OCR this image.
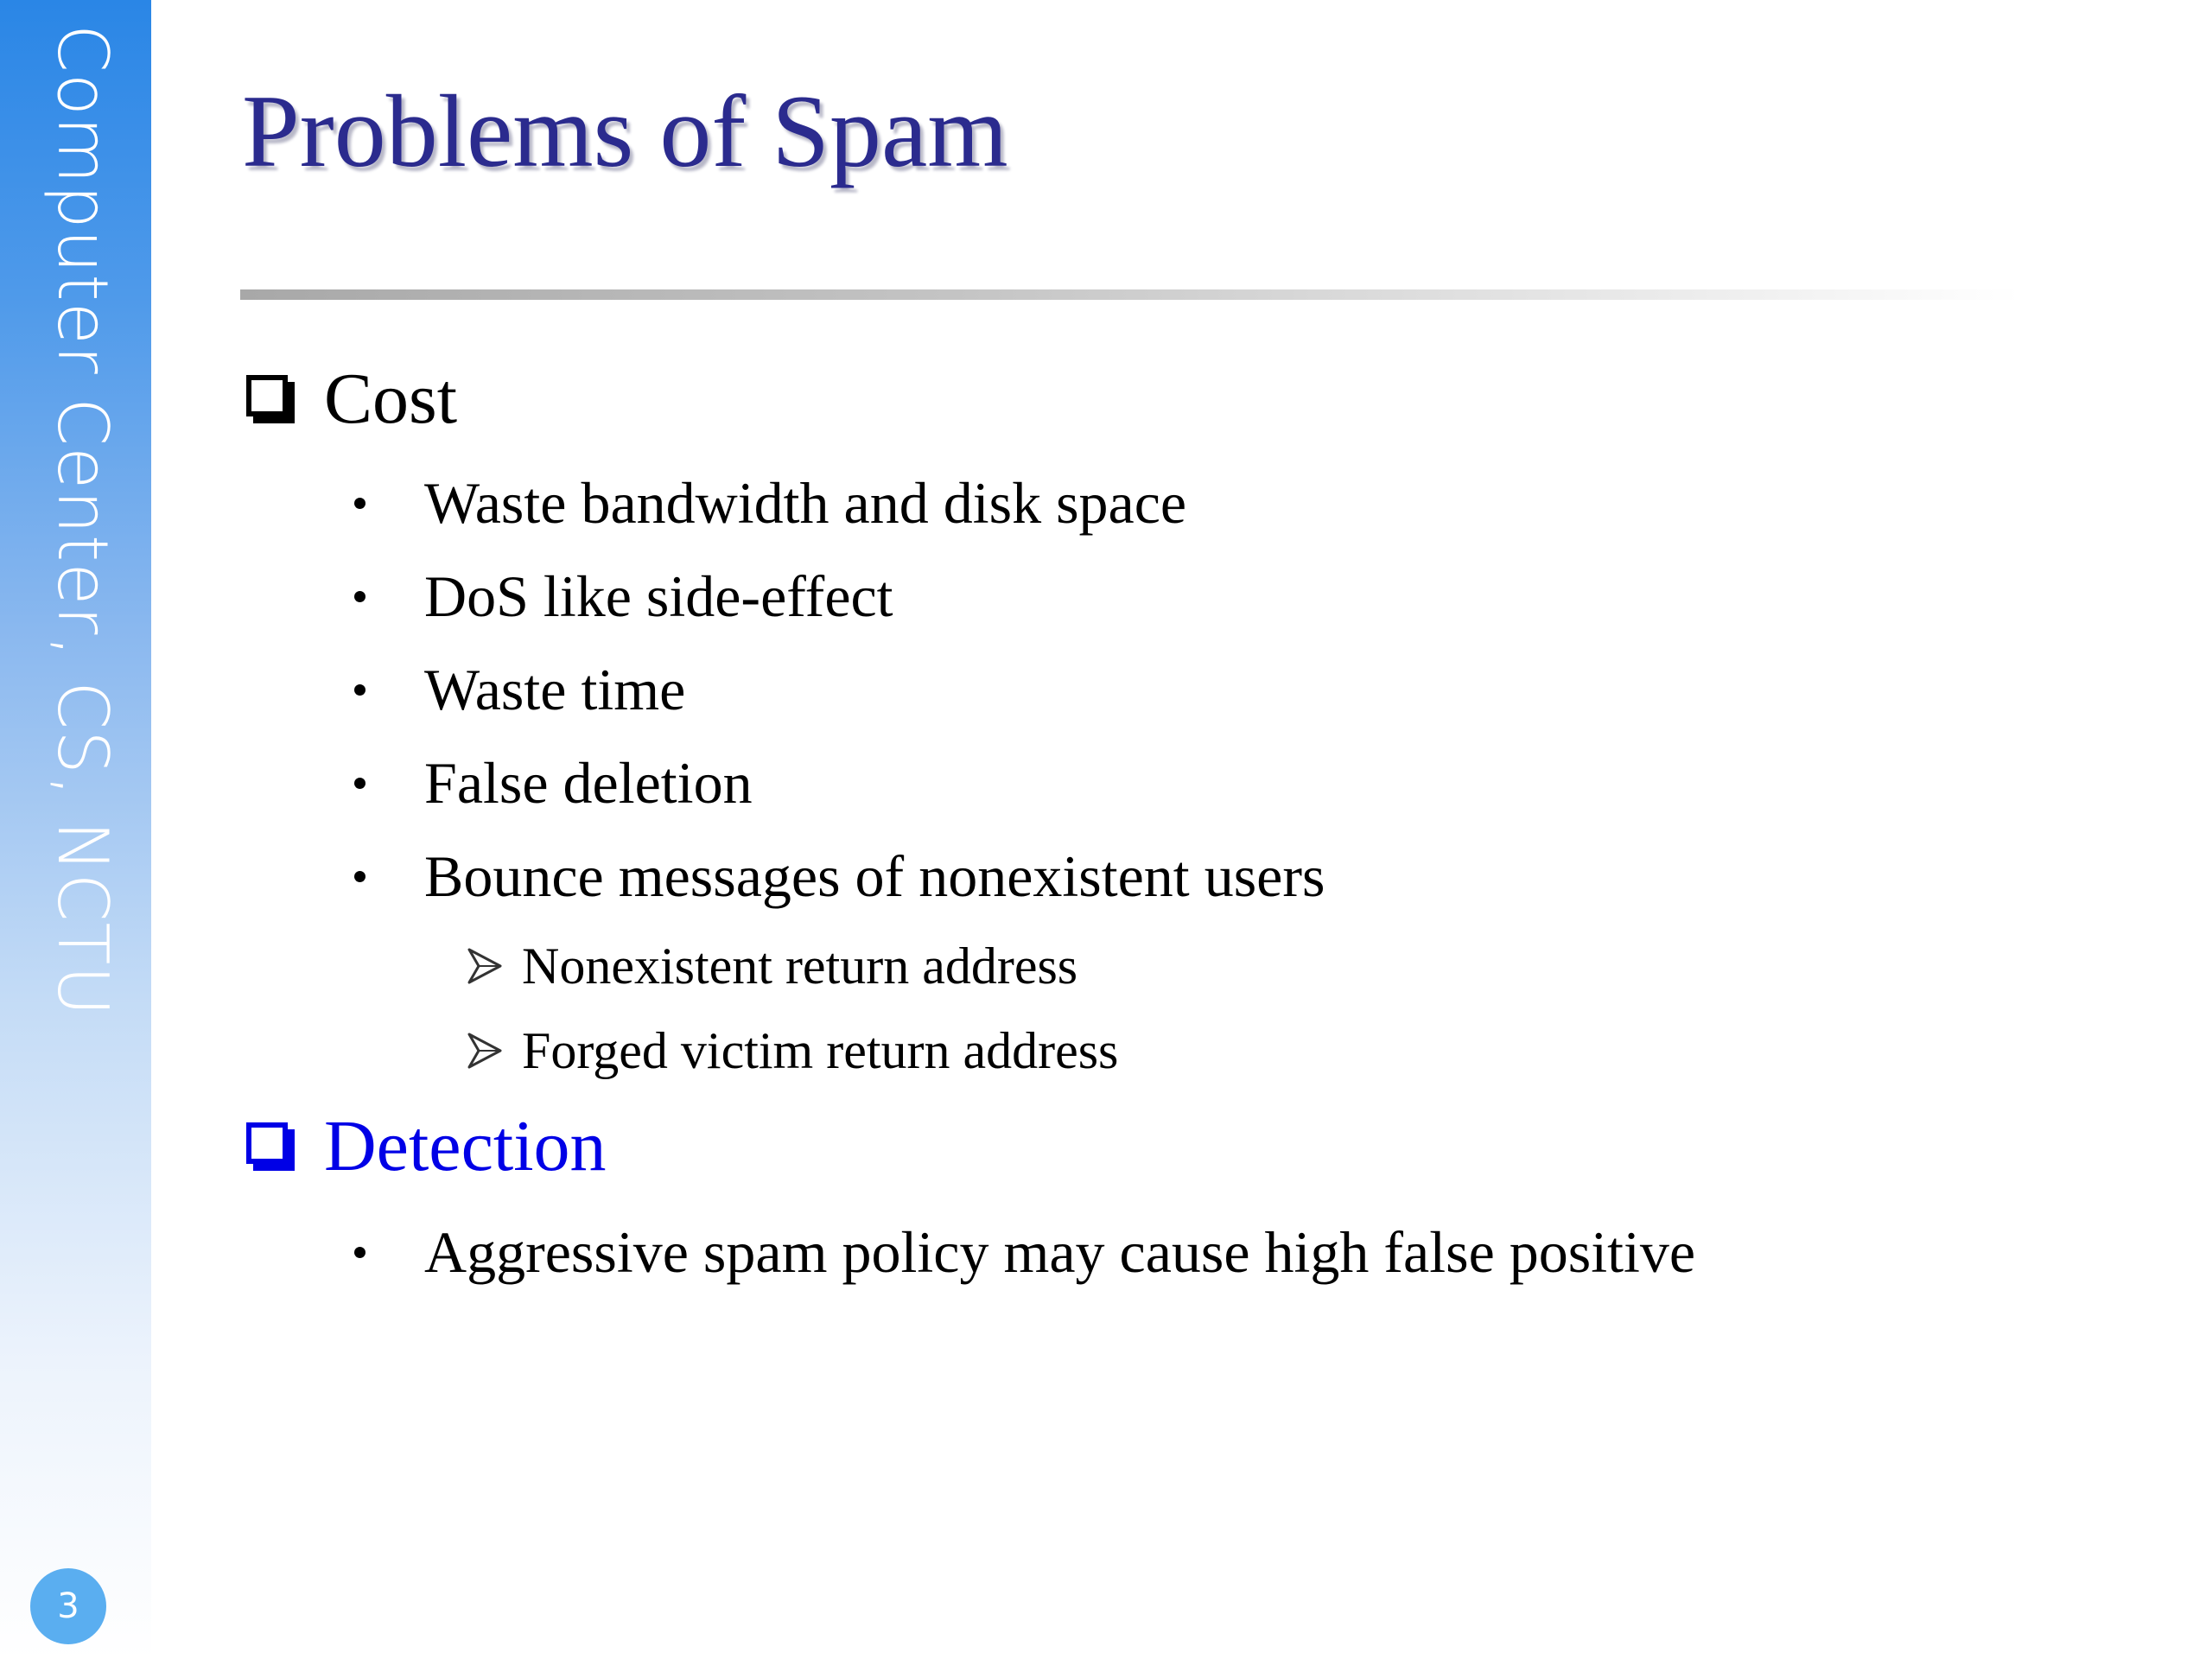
Computer Center, CS, NCTU
3
Problems of Spam
Cost
Waste bandwidth and disk space
DoS like side-effect
Waste time
False deletion
Bounce messages of nonexistent users
Nonexistent return address
Forged victim return address
Detection
Aggressive spam policy may cause high false positive
